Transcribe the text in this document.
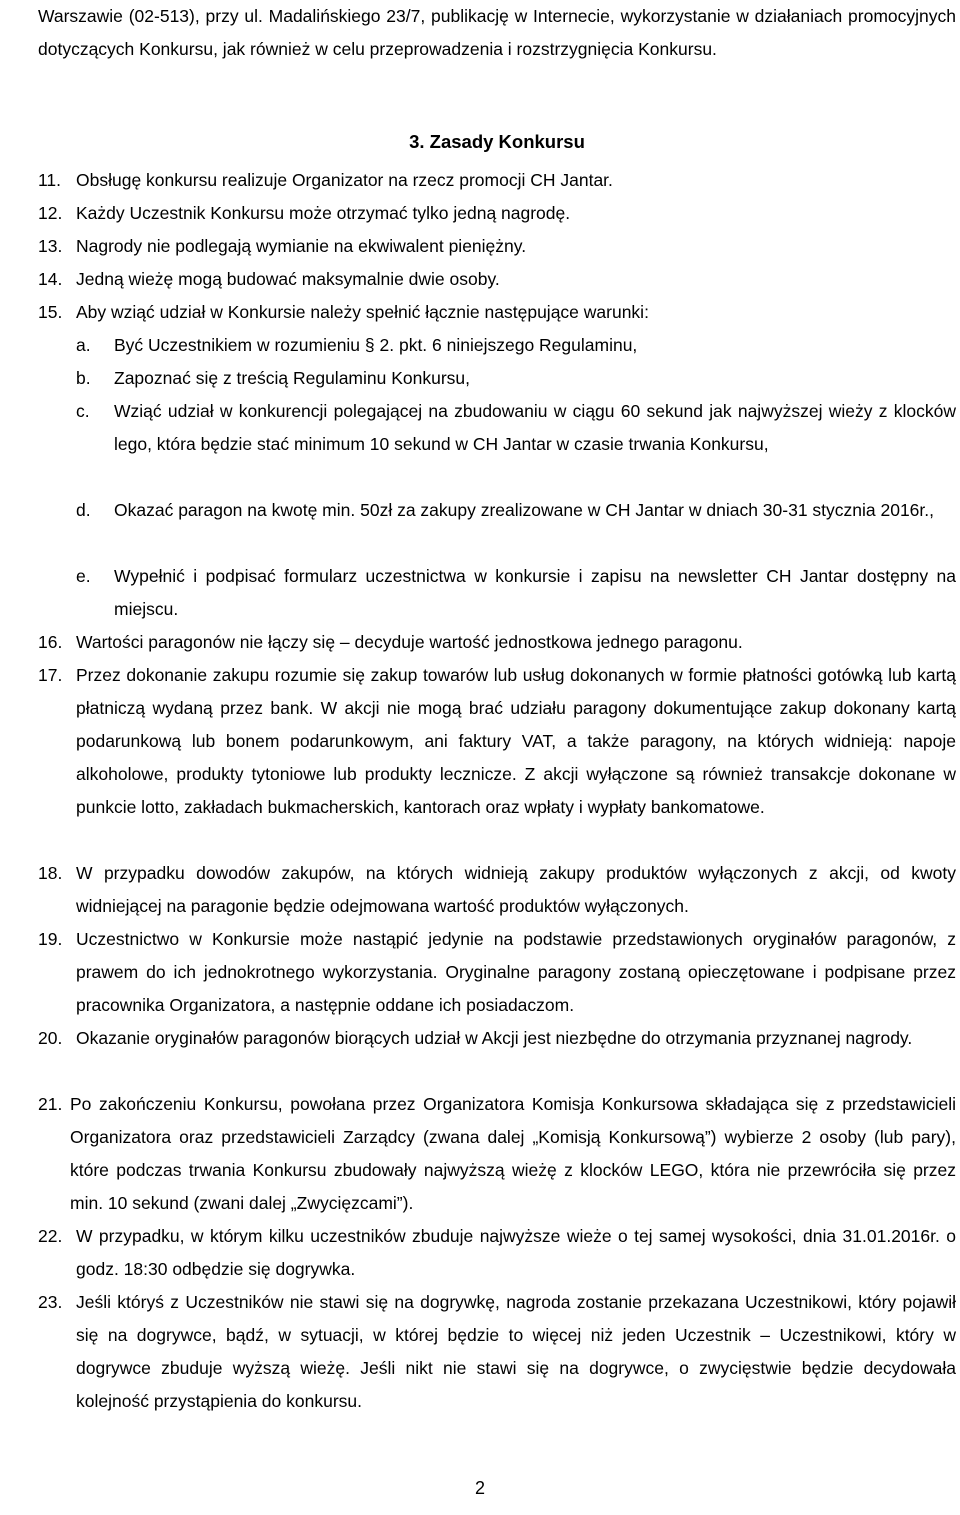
Warszawie (02-513), przy ul. Madalińskiego 23/7, publikację w Internecie, wykorzystanie w działaniach promocyjnych dotyczących Konkursu, jak również w celu przeprowadzenia i rozstrzygnięcia Konkursu.

3. Zasady Konkursu
11. Obsługę konkursu realizuje Organizator na rzecz promocji CH Jantar.
12. Każdy Uczestnik Konkursu może otrzymać tylko jedną nagrodę.
13. Nagrody nie podlegają wymianie na ekwiwalent pieniężny.
14. Jedną wieżę mogą budować maksymalnie dwie osoby.
15. Aby wziąć udział w Konkursie należy spełnić łącznie następujące warunki:
a. Być Uczestnikiem w rozumieniu § 2. pkt. 6 niniejszego Regulaminu,
b. Zapoznać się z treścią Regulaminu Konkursu,
c. Wziąć udział w konkurencji polegającej na zbudowaniu w ciągu 60 sekund jak najwyższej wieży z klocków lego, która będzie stać minimum 10 sekund w CH Jantar w czasie trwania Konkursu,
d. Okazać paragon na kwotę min. 50zł za zakupy zrealizowane w CH Jantar w dniach 30-31 stycznia 2016r.,
e. Wypełnić i podpisać formularz uczestnictwa w konkursie i zapisu na newsletter CH Jantar dostępny na miejscu.
16. Wartości paragonów nie łączy się – decyduje wartość jednostkowa jednego paragonu.
17. Przez dokonanie zakupu rozumie się zakup towarów lub usług dokonanych w formie płatności gotówką lub kartą płatniczą wydaną przez bank. W akcji nie mogą brać udziału paragony dokumentujące zakup dokonany kartą podarunkową lub bonem podarunkowym, ani faktury VAT, a także paragony, na których widnieją: napoje alkoholowe, produkty tytoniowe lub produkty lecznicze. Z akcji wyłączone są również transakcje dokonane w punkcie lotto, zakładach bukmacherskich, kantorach oraz wpłaty i wypłaty bankomatowe.
18. W przypadku dowodów zakupów, na których widnieją zakupy produktów wyłączonych z akcji, od kwoty widniejącej na paragonie będzie odejmowana wartość produktów wyłączonych.
19. Uczestnictwo w Konkursie może nastąpić jedynie na podstawie przedstawionych oryginałów paragonów, z prawem do ich jednokrotnego wykorzystania. Oryginalne paragony zostaną opieczętowane i podpisane przez pracownika Organizatora, a następnie oddane ich posiadaczom.
20. Okazanie oryginałów paragonów biorących udział w Akcji jest niezbędne do otrzymania przyznanej nagrody.
21. Po zakończeniu Konkursu, powołana przez Organizatora Komisja Konkursowa składająca się z przedstawicieli Organizatora oraz przedstawicieli Zarządcy (zwana dalej „Komisją Konkursową”) wybierze 2 osoby (lub pary), które podczas trwania Konkursu zbudowały najwyższą wieżę z klocków LEGO, która nie przewróciła się przez min. 10 sekund (zwani dalej „Zwycięzcami”).
22. W przypadku, w którym kilku uczestników zbuduje najwyższe wieże o tej samej wysokości, dnia 31.01.2016r. o godz. 18:30 odbędzie się dogrywka.
23. Jeśli któryś z Uczestników nie stawi się na dogrywkę, nagroda zostanie przekazana Uczestnikowi, który pojawił się na dogrywce, bądź, w sytuacji, w której będzie to więcej niż jeden Uczestnik – Uczestnikowi, który w dogrywce zbuduje wyższą wieżę. Jeśli nikt nie stawi się na dogrywce, o zwycięstwie będzie decydowała kolejność przystąpienia do konkursu.
2
